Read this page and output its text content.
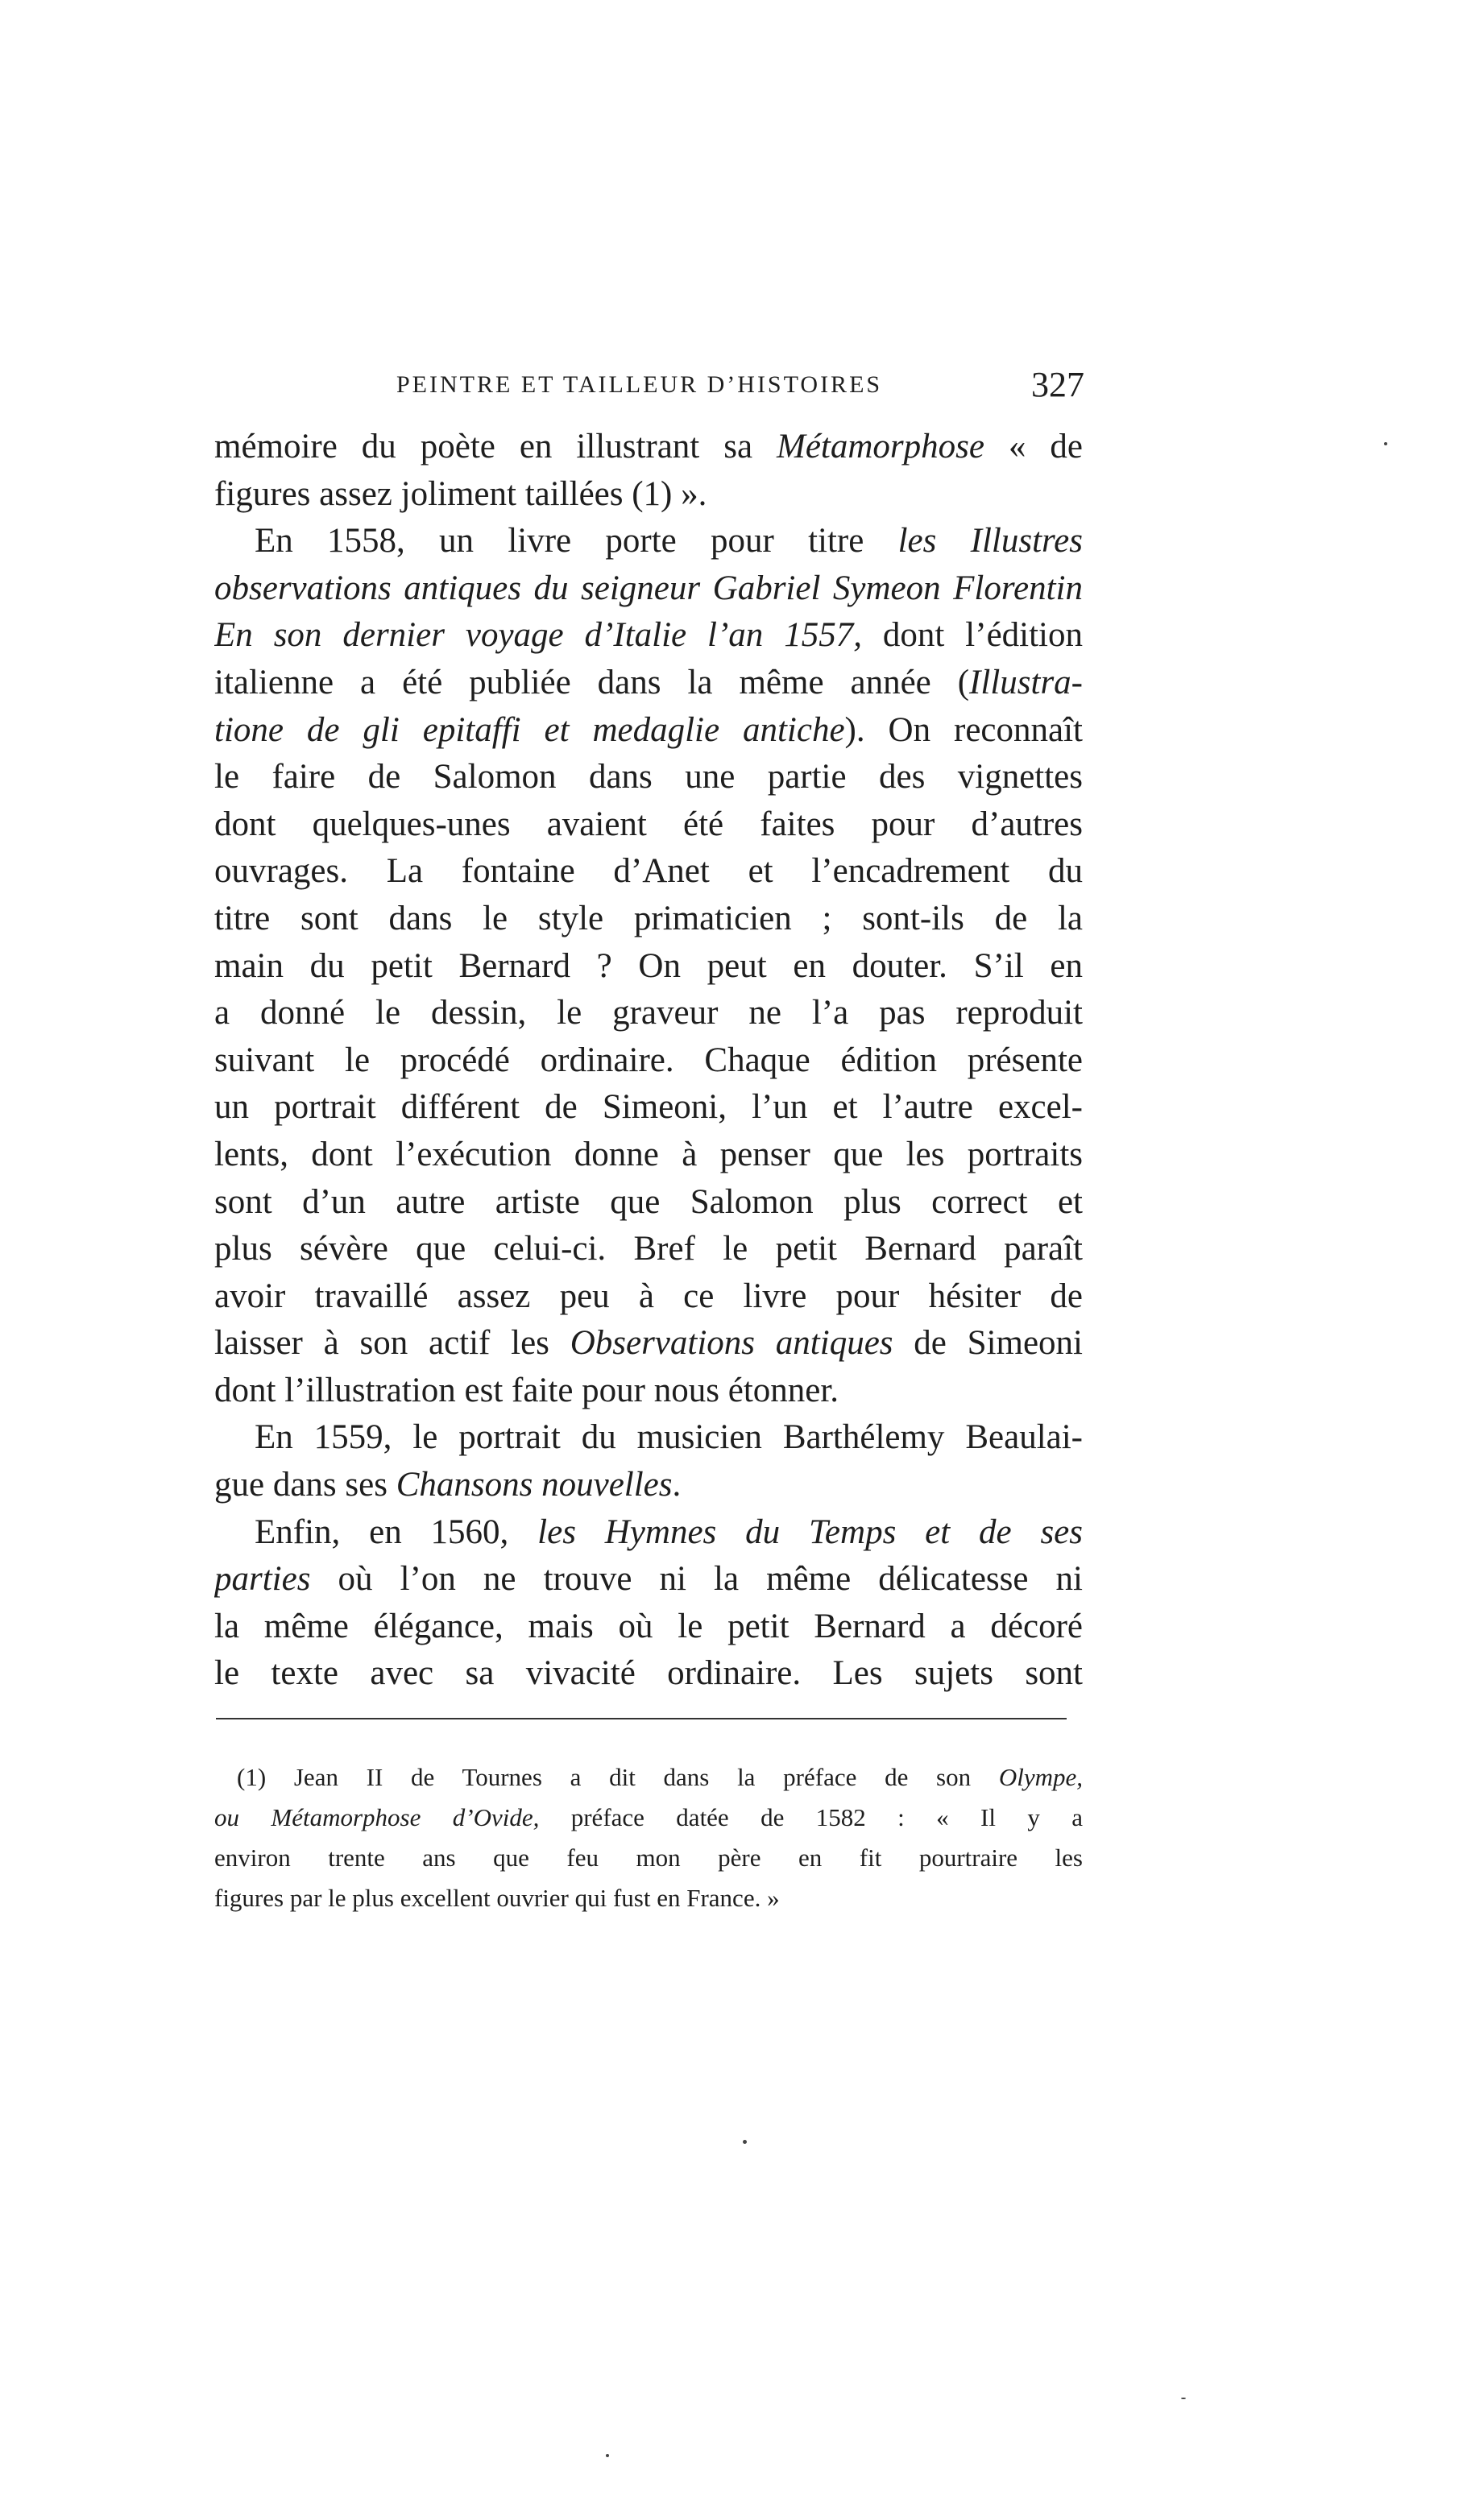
PEINTRE ET TAILLEUR D’HISTOIRES	327
mémoire du poète en illustrant sa Métamorphose « de
figures assez joliment taillées (1) ».
En 1558, un livre porte pour titre les Illustres
observations antiques du seigneur Gabriel Symeon Florentin
En son dernier voyage d’Italie l’an 1557, dont l’édition
italienne a été publiée dans la même année (Illustra-
tione de gli epitaffi et medaglie antiche). On reconnaît
le faire de Salomon dans une partie des vignettes
dont quelques-unes avaient été faites pour d’autres
ouvrages. La fontaine d’Anet et l’encadrement du
titre sont dans le style primaticien ; sont-ils de la
main du petit Bernard ? On peut en douter. S’il en
a donné le dessin, le graveur ne l’a pas reproduit
suivant le procédé ordinaire. Chaque édition présente
un portrait différent de Simeoni, l’un et l’autre excel-
lents, dont l’exécution donne à penser que les portraits
sont d’un autre artiste que Salomon plus correct et
plus sévère que celui-ci. Bref le petit Bernard paraît
avoir travaillé assez peu à ce livre pour hésiter de
laisser à son actif les Observations antiques de Simeoni
dont l’illustration est faite pour nous étonner.
En 1559, le portrait du musicien Barthélemy Beaulai-
gue dans ses Chansons nouvelles.
Enfin, en 1560, les Hymnes du Temps et de ses
parties où l’on ne trouve ni la même délicatesse ni
la même élégance, mais où le petit Bernard a décoré
le texte avec sa vivacité ordinaire. Les sujets sont
(1) Jean II de Tournes a dit dans la préface de son Olympe,
ou Métamorphose d’Ovide, préface datée de 1582 : « Il y a
environ trente ans que feu mon père en fit pourtraire les
figures par le plus excellent ouvrier qui fust en France. »
